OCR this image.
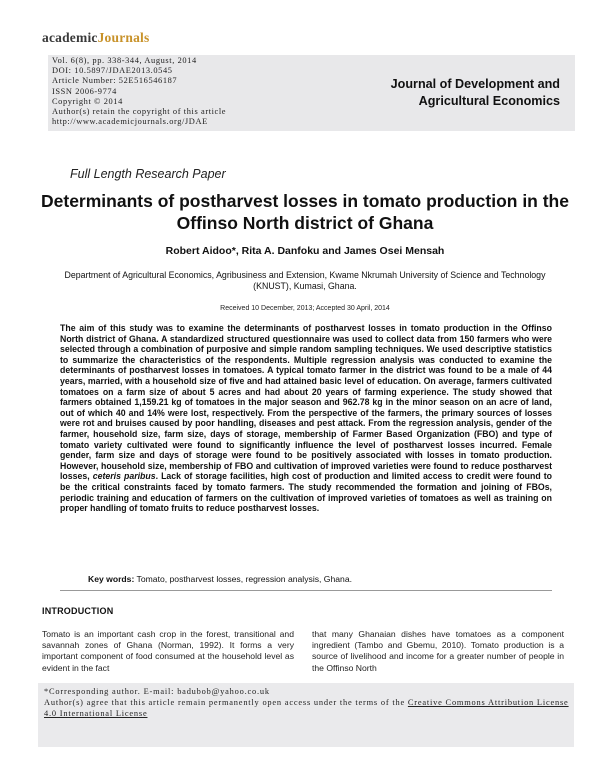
academicJournals
Vol. 6(8), pp. 338-344, August, 2014
DOI: 10.5897/JDAE2013.0545
Article Number: 52E516546187
ISSN 2006-9774
Copyright © 2014
Author(s) retain the copyright of this article
http://www.academicjournals.org/JDAE
Journal of Development and Agricultural Economics
Full Length Research Paper
Determinants of postharvest losses in tomato production in the Offinso North district of Ghana
Robert Aidoo*, Rita A. Danfoku and James Osei Mensah
Department of Agricultural Economics, Agribusiness and Extension, Kwame Nkrumah University of Science and Technology (KNUST), Kumasi, Ghana.
Received 10 December, 2013; Accepted 30 April, 2014
The aim of this study was to examine the determinants of postharvest losses in tomato production in the Offinso North district of Ghana. A standardized structured questionnaire was used to collect data from 150 farmers who were selected through a combination of purposive and simple random sampling techniques. We used descriptive statistics to summarize the characteristics of the respondents. Multiple regression analysis was conducted to examine the determinants of postharvest losses in tomatoes. A typical tomato farmer in the district was found to be a male of 44 years, married, with a household size of five and had attained basic level of education. On average, farmers cultivated tomatoes on a farm size of about 5 acres and had about 20 years of farming experience. The study showed that farmers obtained 1,159.21 kg of tomatoes in the major season and 962.78 kg in the minor season on an acre of land, out of which 40 and 14% were lost, respectively. From the perspective of the farmers, the primary sources of losses were rot and bruises caused by poor handling, diseases and pest attack. From the regression analysis, gender of the farmer, household size, farm size, days of storage, membership of Farmer Based Organization (FBO) and type of tomato variety cultivated were found to significantly influence the level of postharvest losses incurred. Female gender, farm size and days of storage were found to be positively associated with losses in tomato production. However, household size, membership of FBO and cultivation of improved varieties were found to reduce postharvest losses, ceteris paribus. Lack of storage facilities, high cost of production and limited access to credit were found to be the critical constraints faced by tomato farmers. The study recommended the formation and joining of FBOs, periodic training and education of farmers on the cultivation of improved varieties of tomatoes as well as training on proper handling of tomato fruits to reduce postharvest losses.
Key words: Tomato, postharvest losses, regression analysis, Ghana.
INTRODUCTION
Tomato is an important cash crop in the forest, transitional and savannah zones of Ghana (Norman, 1992). It forms a very important component of food consumed at the household level as evident in the fact
that many Ghanaian dishes have tomatoes as a component ingredient (Tambo and Gbemu, 2010). Tomato production is a source of livelihood and income for a greater number of people in the Offinso North
*Corresponding author. E-mail: badubob@yahoo.co.uk
Author(s) agree that this article remain permanently open access under the terms of the Creative Commons Attribution License 4.0 International License
